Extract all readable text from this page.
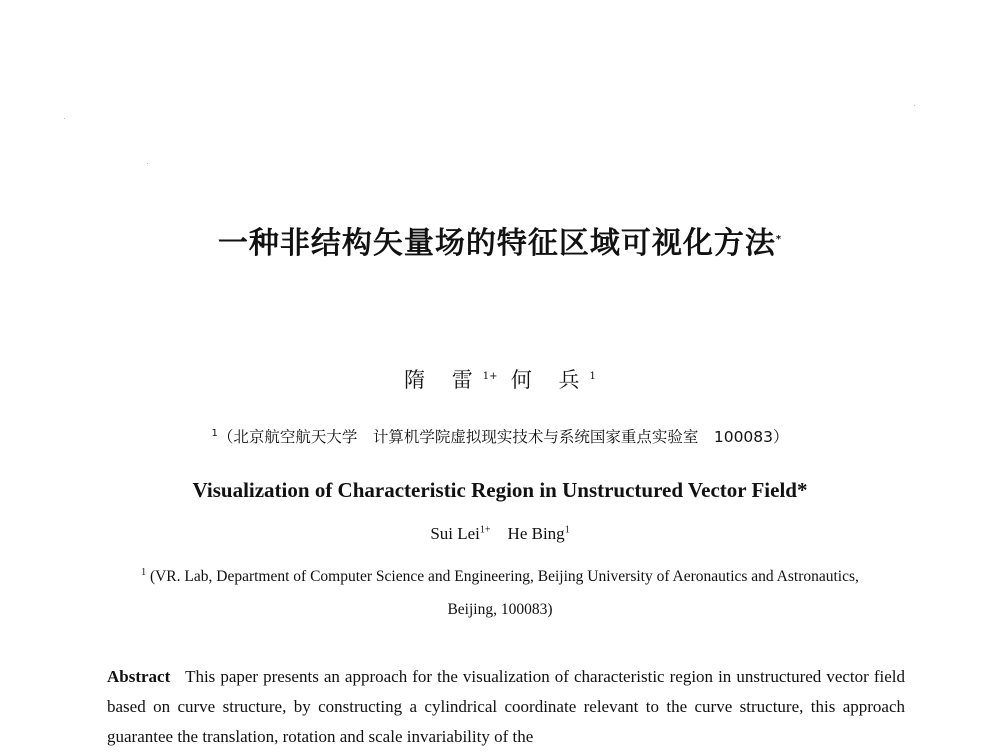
一种非结构矢量场的特征区域可视化方法*
隋 雷$^{1+}$ 何 兵$^1$
$^1$（北京航空航天大学　计算机学院虚拟现实技术与系统国家重点实验室　100083）
Visualization of Characteristic Region in Unstructured Vector Field*
Sui Lei$^{1+}$ He Bing$^1$
$^1$ (VR. Lab, Department of Computer Science and Engineering, Beijing University of Aeronautics and Astronautics,
Beijing, 100083)
Abstract This paper presents an approach for the visualization of characteristic region in unstructured vector field based on curve structure, by constructing a cylindrical coordinate relevant to the curve structure, this approach guarantee the translation, rotation and scale invariability of the
